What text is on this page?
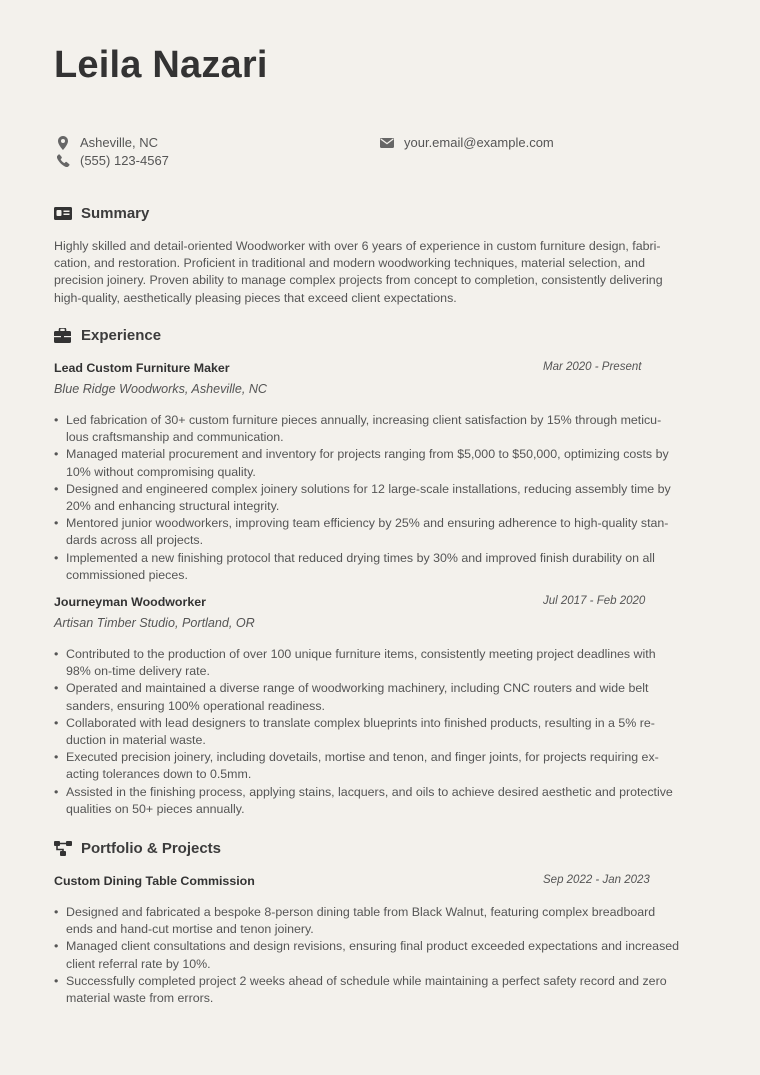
Leila Nazari
Asheville, NC
(555) 123-4567
your.email@example.com
Summary
Highly skilled and detail-oriented Woodworker with over 6 years of experience in custom furniture design, fabri-
cation, and restoration. Proficient in traditional and modern woodworking techniques, material selection, and
precision joinery. Proven ability to manage complex projects from concept to completion, consistently delivering
high-quality, aesthetically pleasing pieces that exceed client expectations.
Experience
Lead Custom Furniture Maker	Mar 2020 - Present
Blue Ridge Woodworks, Asheville, NC
• Led fabrication of 30+ custom furniture pieces annually, increasing client satisfaction by 15% through meticu-
lous craftsmanship and communication.
• Managed material procurement and inventory for projects ranging from $5,000 to $50,000, optimizing costs by
10% without compromising quality.
• Designed and engineered complex joinery solutions for 12 large-scale installations, reducing assembly time by
20% and enhancing structural integrity.
• Mentored junior woodworkers, improving team efficiency by 25% and ensuring adherence to high-quality stan-
dards across all projects.
• Implemented a new finishing protocol that reduced drying times by 30% and improved finish durability on all
commissioned pieces.
Journeyman Woodworker	Jul 2017 - Feb 2020
Artisan Timber Studio, Portland, OR
• Contributed to the production of over 100 unique furniture items, consistently meeting project deadlines with
98% on-time delivery rate.
• Operated and maintained a diverse range of woodworking machinery, including CNC routers and wide belt
sanders, ensuring 100% operational readiness.
• Collaborated with lead designers to translate complex blueprints into finished products, resulting in a 5% re-
duction in material waste.
• Executed precision joinery, including dovetails, mortise and tenon, and finger joints, for projects requiring ex-
acting tolerances down to 0.5mm.
• Assisted in the finishing process, applying stains, lacquers, and oils to achieve desired aesthetic and protective
qualities on 50+ pieces annually.
Portfolio & Projects
Custom Dining Table Commission	Sep 2022 - Jan 2023
• Designed and fabricated a bespoke 8-person dining table from Black Walnut, featuring complex breadboard
ends and hand-cut mortise and tenon joinery.
• Managed client consultations and design revisions, ensuring final product exceeded expectations and increased
client referral rate by 10%.
• Successfully completed project 2 weeks ahead of schedule while maintaining a perfect safety record and zero
material waste from errors.
